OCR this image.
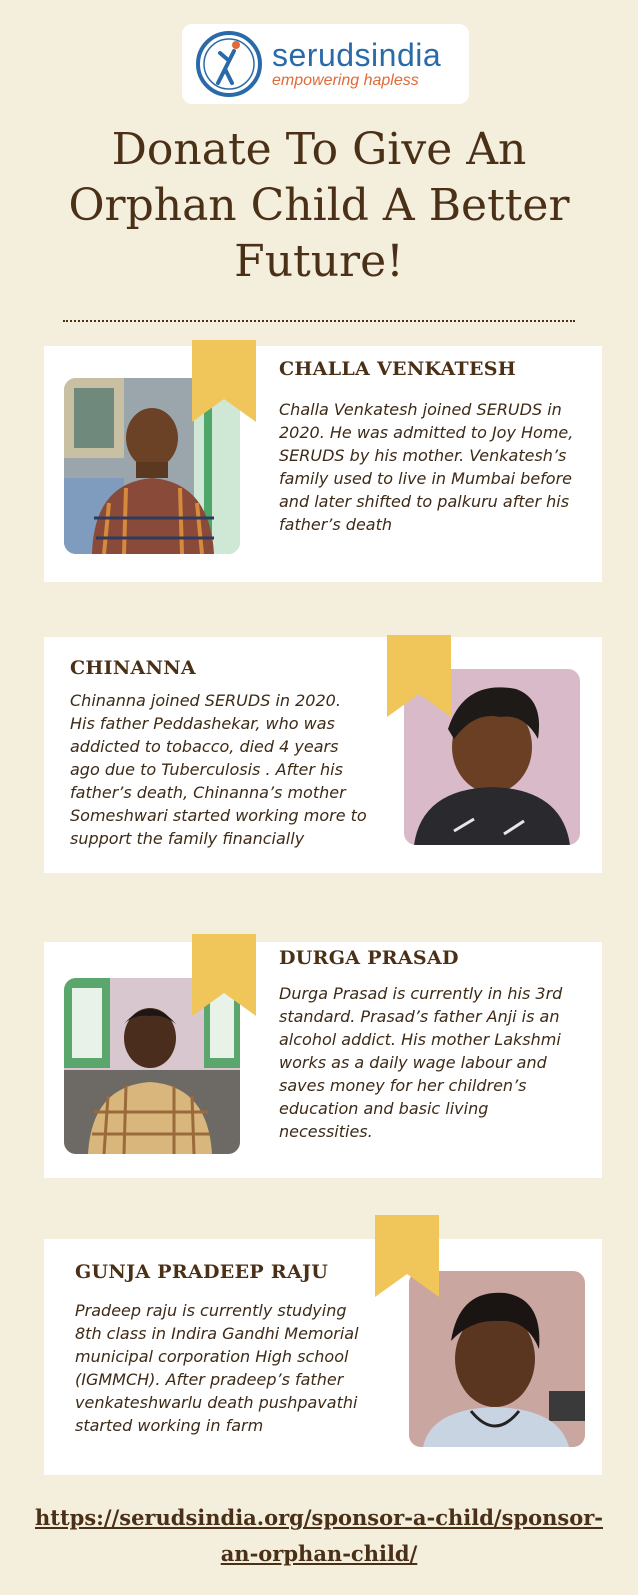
serudsindia
empowering hapless
Donate To Give An Orphan Child A Better Future!
CHALLA VENKATESH
Challa Venkatesh joined SERUDS in 2020. He was admitted to Joy Home, SERUDS by his mother. Venkatesh’s family used to live in Mumbai before and later shifted to palkuru after his father’s death
CHINANNA
Chinanna joined SERUDS in 2020. His father Peddashekar, who was addicted to tobacco, died 4 years ago due to Tuberculosis . After his father’s death, Chinanna’s mother Someshwari started working more to support the family financially
DURGA PRASAD
Durga Prasad is currently in his 3rd standard. Prasad’s father Anji is an alcohol addict. His mother Lakshmi works as a daily wage labour and saves money for her children’s education and basic living necessities.
GUNJA PRADEEP RAJU
Pradeep raju is currently studying 8th class in Indira Gandhi Memorial municipal corporation High school (IGMMCH). After pradeep’s father venkateshwarlu death pushpavathi started working in farm
https://serudsindia.org/sponsor-a-child/sponsor-an-orphan-child/
